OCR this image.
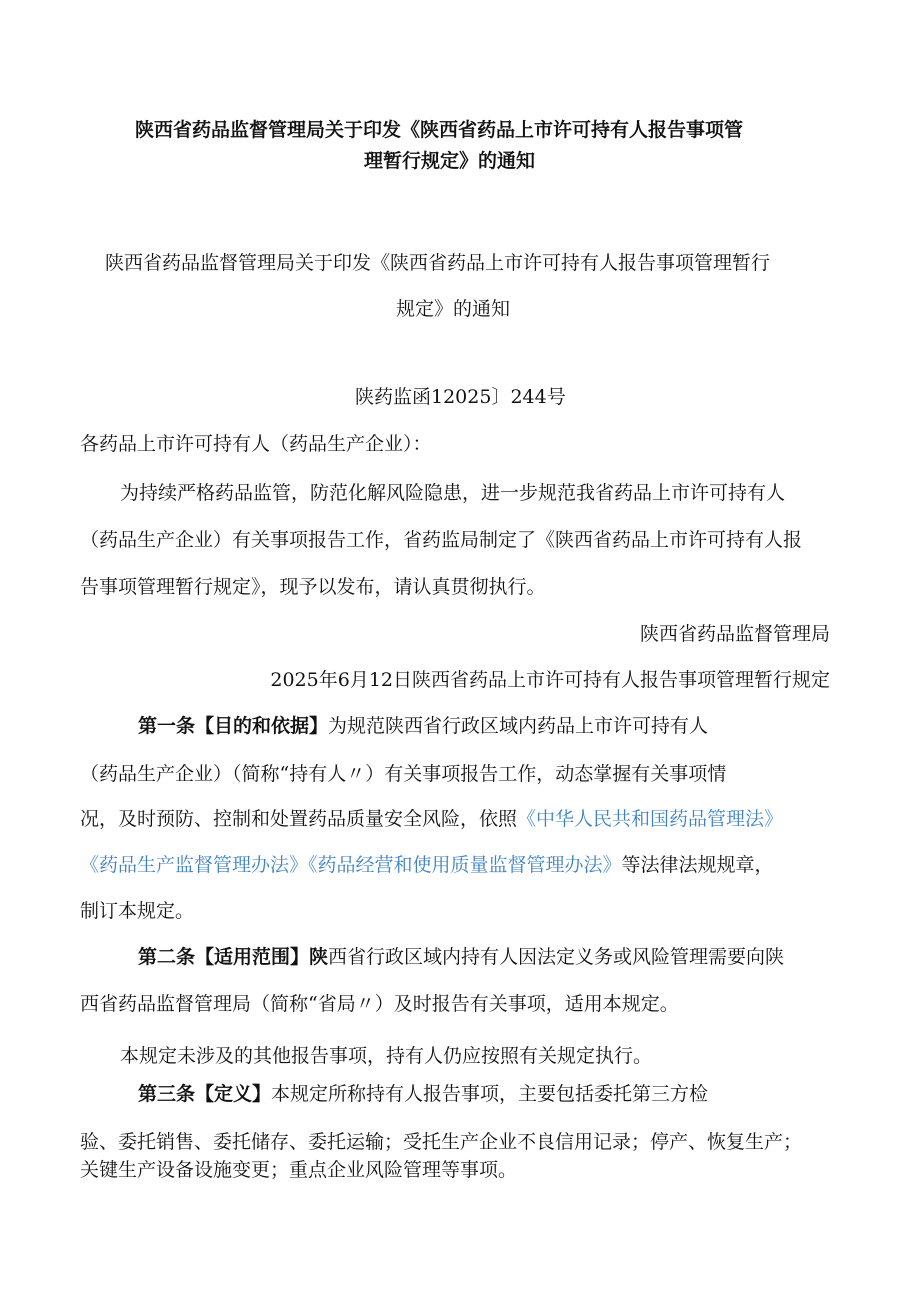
陕西省药品监督管理局关于印发《陕西省药品上市许可持有人报告事项管
理暂行规定》的通知
陕西省药品监督管理局关于印发《陕西省药品上市许可持有人报告事项管理暂行
规定》的通知
陕药监函12025〕244号
各药品上市许可持有人（药品生产企业）：
为持续严格药品监管，防范化解风险隐患，进一步规范我省药品上市许可持有人
（药品生产企业）有关事项报告工作，省药监局制定了《陕西省药品上市许可持有人报
告事项管理暂行规定》，现予以发布，请认真贯彻执行。
陕西省药品监督管理局
2025年6月12日陕西省药品上市许可持有人报告事项管理暂行规定
第一条【目的和依据】为规范陕西省行政区域内药品上市许可持有人
（药品生产企业）（简称“持有人〃）有关事项报告工作，动态掌握有关事项情
况，及时预防、控制和处置药品质量安全风险，依照《中华人民共和国药品管理法》
《药品生产监督管理办法》《药品经营和使用质量监督管理办法》等法律法规规章，
制订本规定。
第二条【适用范围】陕西省行政区域内持有人因法定义务或风险管理需要向陕
西省药品监督管理局（简称“省局〃）及时报告有关事项，适用本规定。
本规定未涉及的其他报告事项，持有人仍应按照有关规定执行。
第三条【定义】本规定所称持有人报告事项，主要包括委托第三方检
验、委托销售、委托储存、委托运输；受托生产企业不良信用记录；停产、恢复生产；
关键生产设备设施变更；重点企业风险管理等事项。
